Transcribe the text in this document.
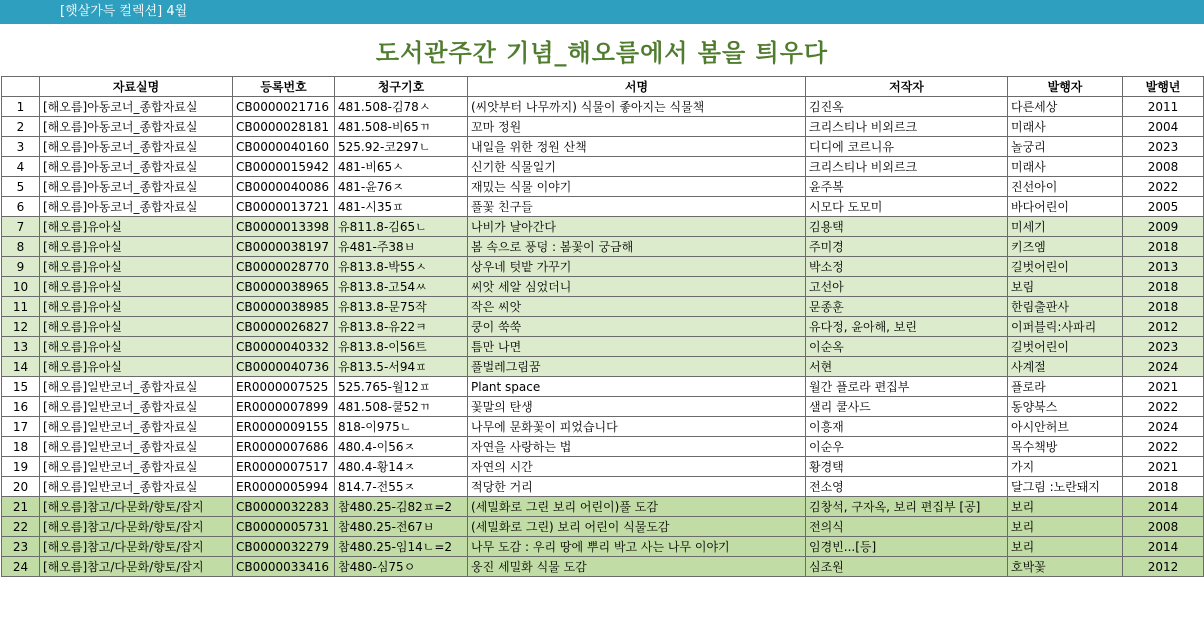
[햇살가득 컬렉션] 4월
도서관주간 기념_해오름에서 봄을 틔우다
	자료실명	등록번호	청구기호	서명	저작자	발행자	발행년
1	[해오름]아동코너_종합자료실	CB0000021716	481.508-김78ㅅ	(씨앗부터 나무까지) 식물이 좋아지는 식물책	김진옥	다른세상	2011
2	[해오름]아동코너_종합자료실	CB0000028181	481.508-비65ㄲ	꼬마 정원	크리스티나 비외르크	미래사	2004
3	[해오름]아동코너_종합자료실	CB0000040160	525.92-코297ㄴ	내일을 위한 정원 산책	디디에 코르니유	놀궁리	2023
4	[해오름]아동코너_종합자료실	CB0000015942	481-비65ㅅ	신기한 식물일기	크리스티나 비외르크	미래사	2008
5	[해오름]아동코너_종합자료실	CB0000040086	481-윤76ㅈ	재밌는 식물 이야기	윤주복	진선아이	2022
6	[해오름]아동코너_종합자료실	CB0000013721	481-시35ㅍ	풀꽃 친구들	시모다 도모미	바다어린이	2005
7	[해오름]유아실	CB0000013398	유811.8-김65ㄴ	나비가 날아간다	김용택	미세기	2009
8	[해오름]유아실	CB0000038197	유481-주38ㅂ	봄 속으로 풍덩 : 봄꽃이 궁금해	주미경	키즈엠	2018
9	[해오름]유아실	CB0000028770	유813.8-박55ㅅ	상우네 텃밭 가꾸기	박소정	길벗어린이	2013
10	[해오름]유아실	CB0000038965	유813.8-고54ㅆ	씨앗 세알 심었더니	고선아	보림	2018
11	[해오름]유아실	CB0000038985	유813.8-문75작	작은 씨앗	문종훈	한림출판사	2018
12	[해오름]유아실	CB0000026827	유813.8-유22ㅋ	쿵이 쑥쑥	유다정, 윤아해, 보린	이퍼블릭:사파리	2012
13	[해오름]유아실	CB0000040332	유813.8-이56트	틈만 나면	이순옥	길벗어린이	2023
14	[해오름]유아실	CB0000040736	유813.5-서94ㅍ	풀벌레그림꿈	서현	사계절	2024
15	[해오름]일반코너_종합자료실	ER0000007525	525.765-월12ㅍ	Plant space	월간 플로라 편집부	플로라	2021
16	[해오름]일반코너_종합자료실	ER0000007899	481.508-쿨52ㄲ	꽃말의 탄생	샐리 쿨사드	동양북스	2022
17	[해오름]일반코너_종합자료실	ER0000009155	818-이975ㄴ	나무에 문화꽃이 피었습니다	이흥재	아시안허브	2024
18	[해오름]일반코너_종합자료실	ER0000007686	480.4-이56ㅈ	자연을 사랑하는 법	이순우	목수책방	2022
19	[해오름]일반코너_종합자료실	ER0000007517	480.4-황14ㅈ	자연의 시간	황경택	가지	2021
20	[해오름]일반코너_종합자료실	ER0000005994	814.7-전55ㅈ	적당한 거리	전소영	달그림 :노란돼지	2018
21	[해오름]참고/다문화/향토/잡지	CB0000032283	참480.25-김82ㅍ=2	(세밀화로 그린 보리 어린이)풀 도감	김창석, 구자옥, 보리 편집부 [공]	보리	2014
22	[해오름]참고/다문화/향토/잡지	CB0000005731	참480.25-전67ㅂ	(세밀화로 그린) 보리 어린이 식물도감	전의식	보리	2008
23	[해오름]참고/다문화/향토/잡지	CB0000032279	참480.25-임14ㄴ=2	나무 도감 : 우리 땅에 뿌리 박고 사는 나무 이야기	임경빈...[등]	보리	2014
24	[해오름]참고/다문화/향토/잡지	CB0000033416	참480-심75ㅇ	웅진 세밀화 식물 도감	심조원	호박꽃	2012
